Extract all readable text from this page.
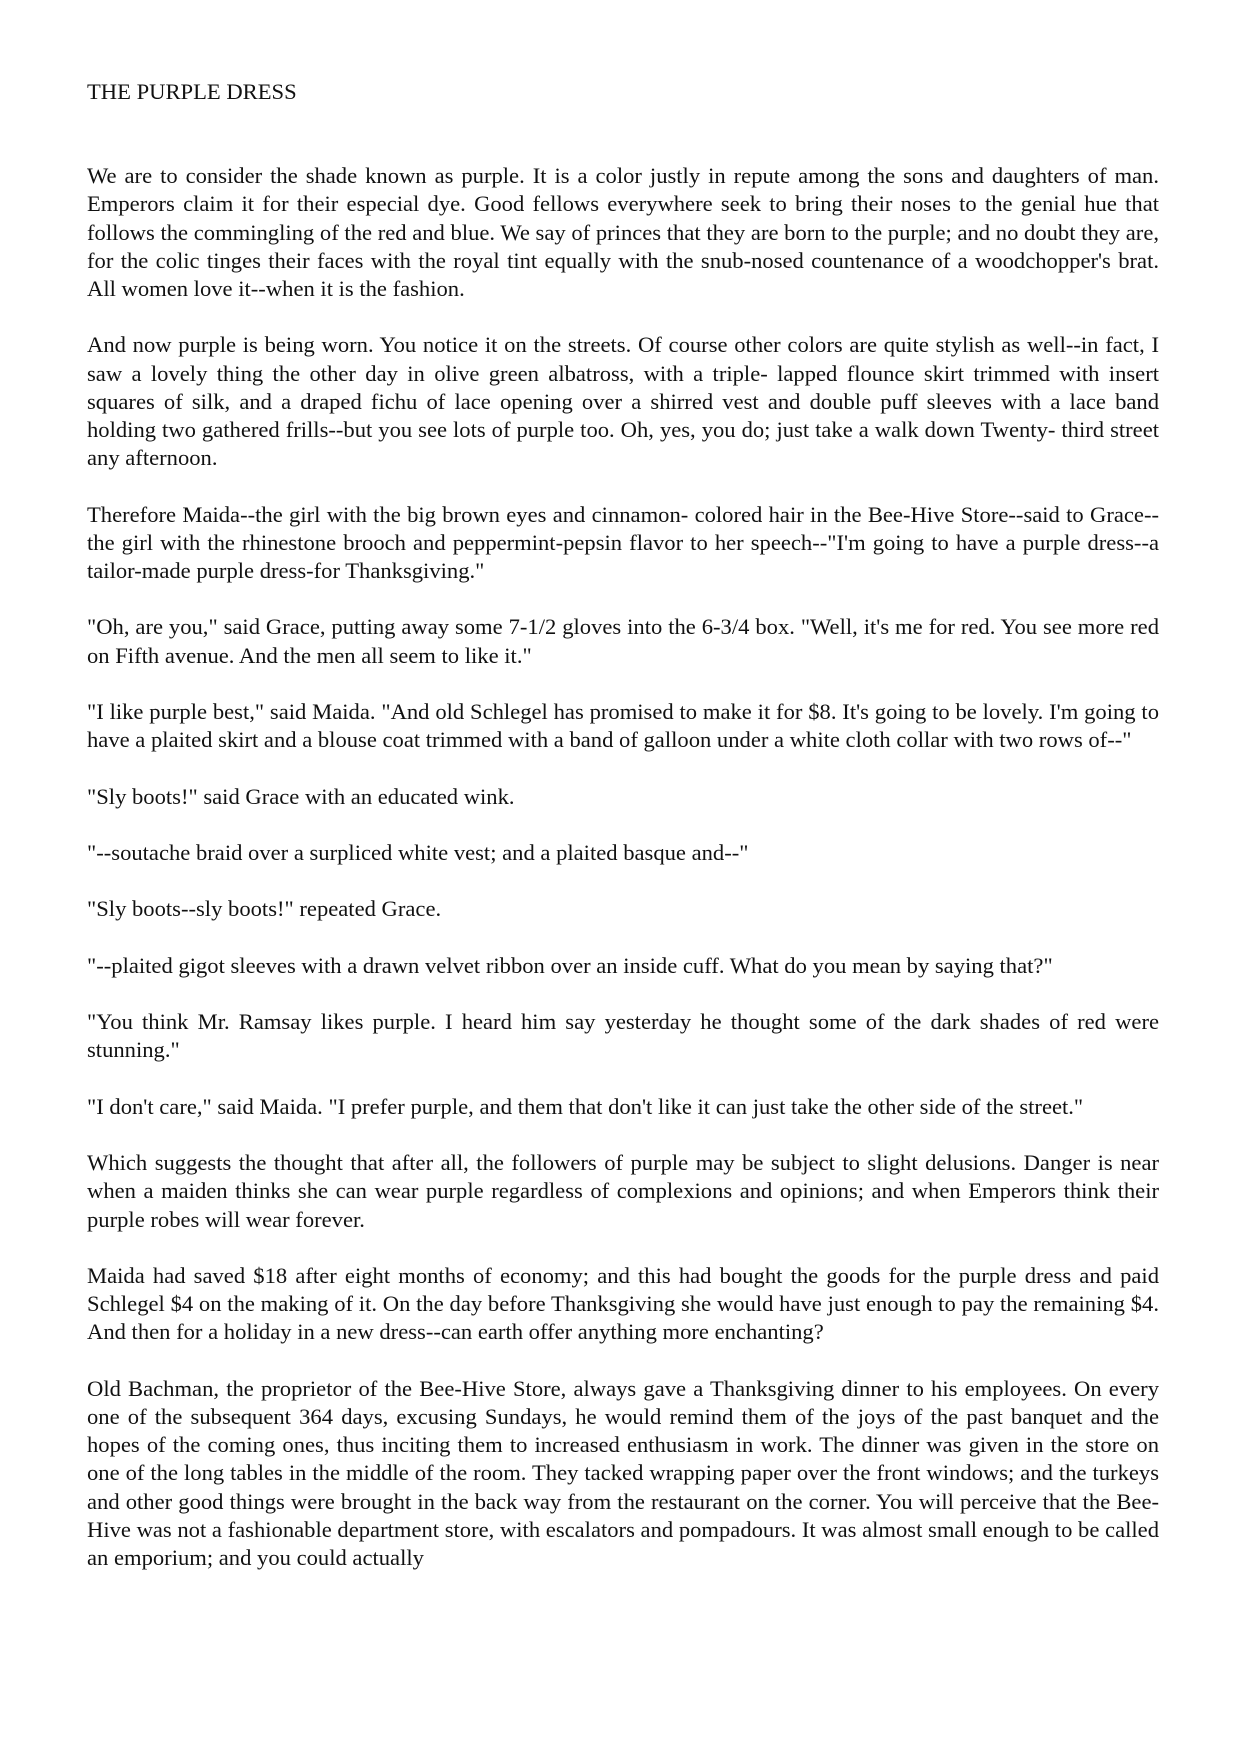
THE PURPLE DRESS

We are to consider the shade known as purple. It is a color justly in repute among the sons and daughters of man. Emperors claim it for their especial dye. Good fellows everywhere seek to bring their noses to the genial hue that follows the commingling of the red and blue. We say of princes that they are born to the purple; and no doubt they are, for the colic tinges their faces with the royal tint equally with the snub-nosed countenance of a woodchopper's brat. All women love it--when it is the fashion.

And now purple is being worn. You notice it on the streets. Of course other colors are quite stylish as well--in fact, I saw a lovely thing the other day in olive green albatross, with a triple- lapped flounce skirt trimmed with insert squares of silk, and a draped fichu of lace opening over a shirred vest and double puff sleeves with a lace band holding two gathered frills--but you see lots of purple too. Oh, yes, you do; just take a walk down Twenty- third street any afternoon.

Therefore Maida--the girl with the big brown eyes and cinnamon- colored hair in the Bee-Hive Store--said to Grace--the girl with the rhinestone brooch and peppermint-pepsin flavor to her speech--"I'm going to have a purple dress--a tailor-made purple dress-for Thanksgiving."

"Oh, are you," said Grace, putting away some 7-1/2 gloves into the 6-3/4 box. "Well, it's me for red. You see more red on Fifth avenue. And the men all seem to like it."

"I like purple best," said Maida. "And old Schlegel has promised to make it for $8. It's going to be lovely. I'm going to have a plaited skirt and a blouse coat trimmed with a band of galloon under a white cloth collar with two rows of--"

"Sly boots!" said Grace with an educated wink.

"--soutache braid over a surpliced white vest; and a plaited basque and--"

"Sly boots--sly boots!" repeated Grace.

"--plaited gigot sleeves with a drawn velvet ribbon over an inside cuff. What do you mean by saying that?"

"You think Mr. Ramsay likes purple. I heard him say yesterday he thought some of the dark shades of red were stunning."

"I don't care," said Maida. "I prefer purple, and them that don't like it can just take the other side of the street."

Which suggests the thought that after all, the followers of purple may be subject to slight delusions. Danger is near when a maiden thinks she can wear purple regardless of complexions and opinions; and when Emperors think their purple robes will wear forever.

Maida had saved $18 after eight months of economy; and this had bought the goods for the purple dress and paid Schlegel $4 on the making of it. On the day before Thanksgiving she would have just enough to pay the remaining $4. And then for a holiday in a new dress--can earth offer anything more enchanting?

Old Bachman, the proprietor of the Bee-Hive Store, always gave a Thanksgiving dinner to his employees. On every one of the subsequent 364 days, excusing Sundays, he would remind them of the joys of the past banquet and the hopes of the coming ones, thus inciting them to increased enthusiasm in work. The dinner was given in the store on one of the long tables in the middle of the room. They tacked wrapping paper over the front windows; and the turkeys and other good things were brought in the back way from the restaurant on the corner. You will perceive that the Bee-Hive was not a fashionable department store, with escalators and pompadours. It was almost small enough to be called an emporium; and you could actually
